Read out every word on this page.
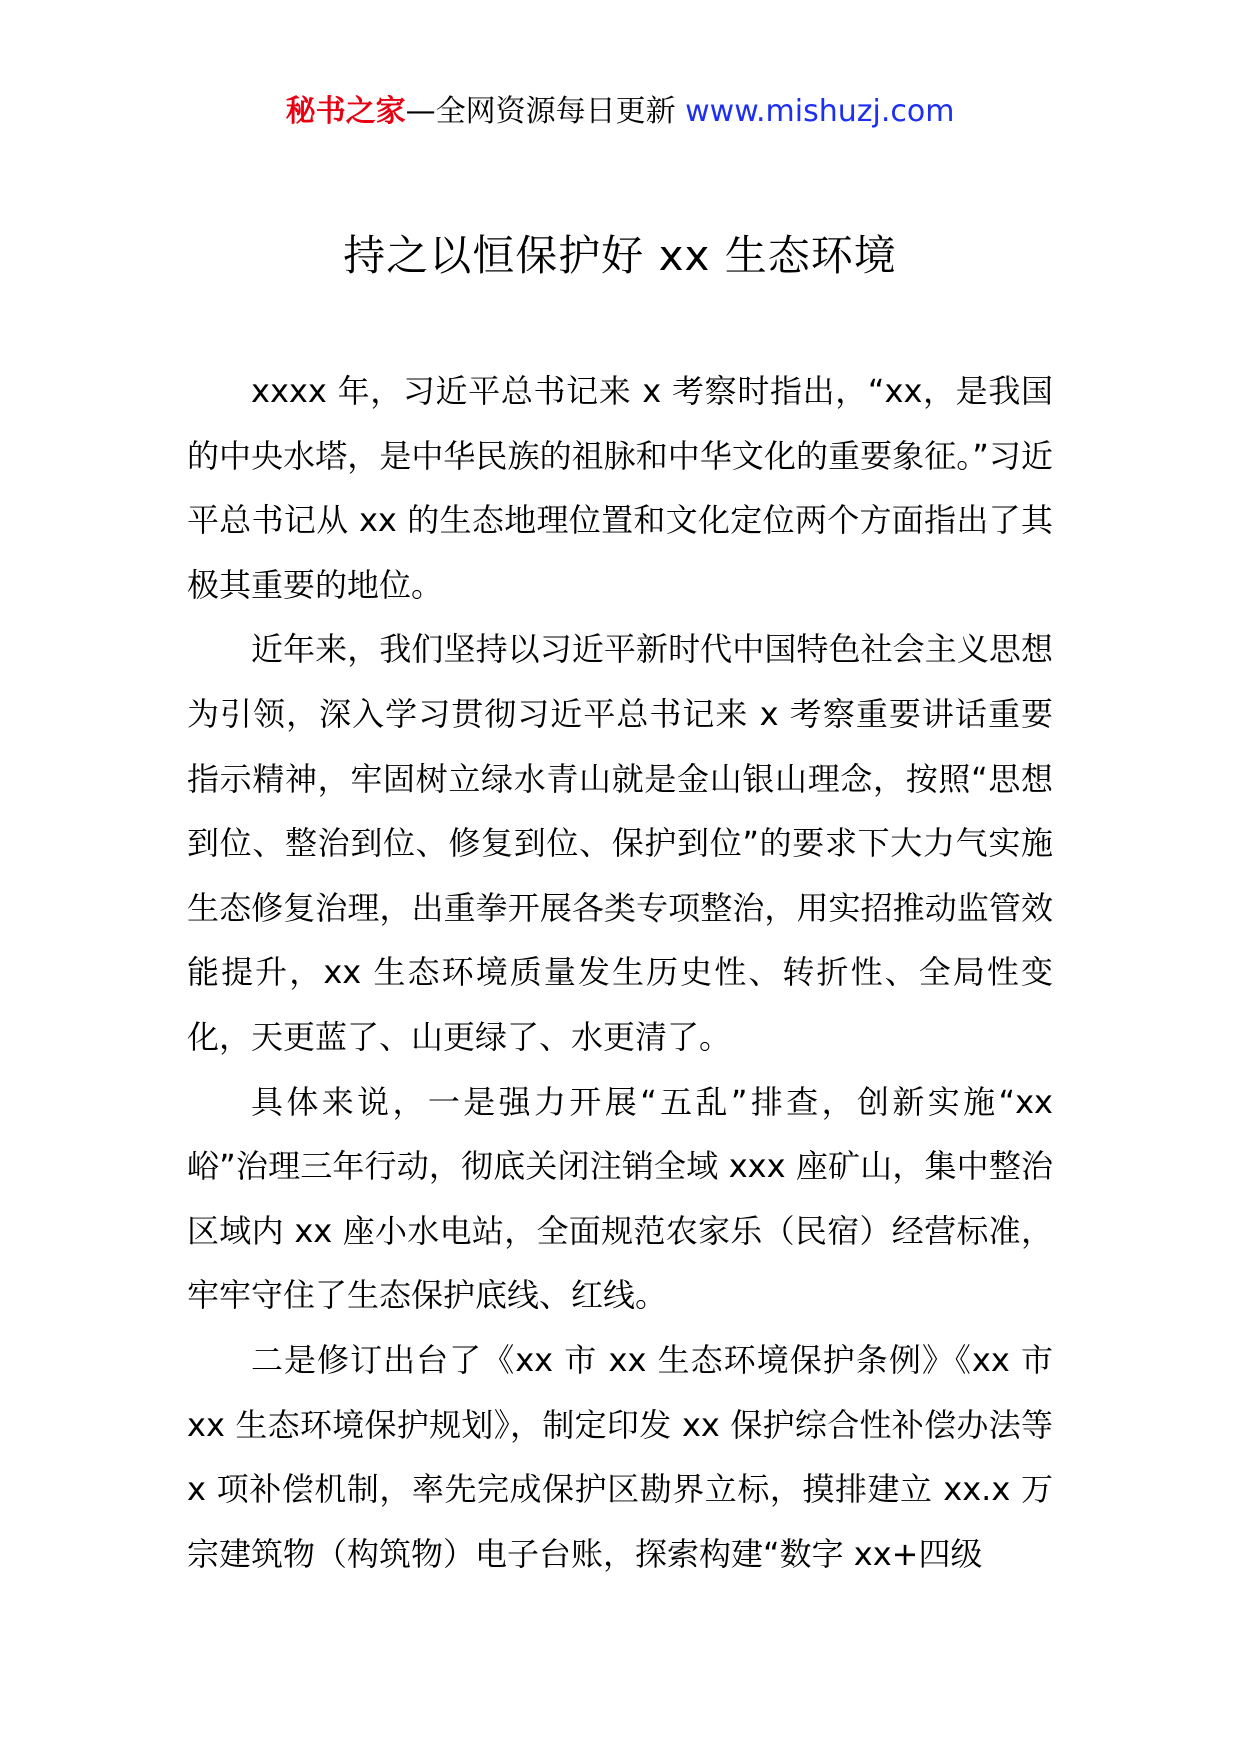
秘书之家—全网资源每日更新 www.mishuzj.com
持之以恒保护好 xx 生态环境

xxxx 年，习近平总书记来 x 考察时指出，“xx，是我国的中央水塔，是中华民族的祖脉和中华文化的重要象征。”习近平总书记从 xx 的生态地理位置和文化定位两个方面指出了其极其重要的地位。

近年来，我们坚持以习近平新时代中国特色社会主义思想为引领，深入学习贯彻习近平总书记来 x 考察重要讲话重要指示精神，牢固树立绿水青山就是金山银山理念，按照“思想到位、整治到位、修复到位、保护到位”的要求下大力气实施生态修复治理，出重拳开展各类专项整治，用实招推动监管效能提升，xx 生态环境质量发生历史性、转折性、全局性变化，天更蓝了、山更绿了、水更清了。

具体来说，一是强力开展“五乱”排查，创新实施“xx 峪”治理三年行动，彻底关闭注销全域 xxx 座矿山，集中整治区域内 xx 座小水电站，全面规范农家乐（民宿）经营标准，牢牢守住了生态保护底线、红线。

二是修订出台了《xx 市 xx 生态环境保护条例》《xx 市 xx 生态环境保护规划》，制定印发 xx 保护综合性补偿办法等 x 项补偿机制，率先完成保护区勘界立标，摸排建立 xx.x 万宗建筑物（构筑物）电子台账，探索构建“数字 xx+四级
